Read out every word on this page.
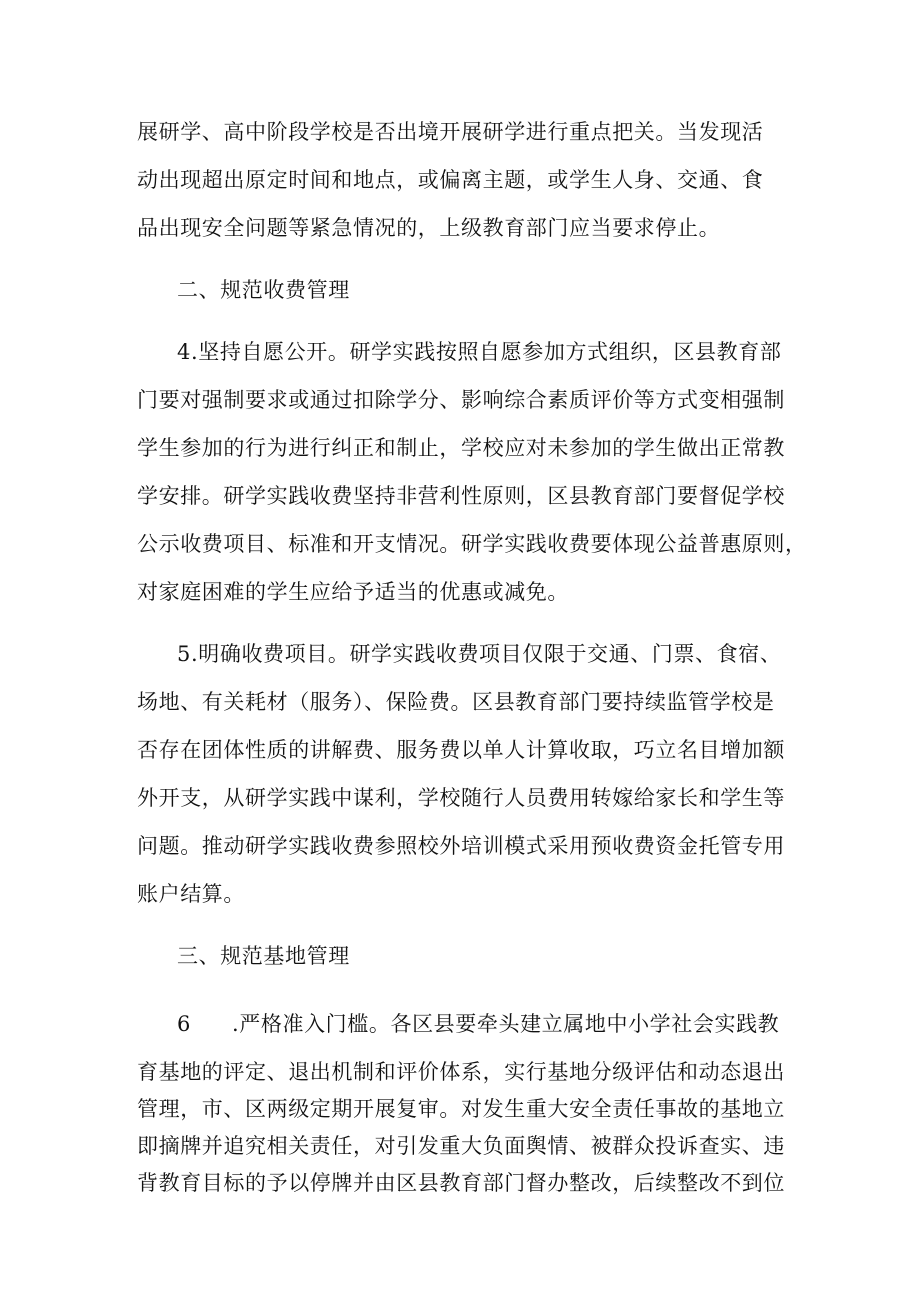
展研学、高中阶段学校是否出境开展研学进行重点把关。当发现活
动出现超出原定时间和地点，或偏离主题，或学生人身、交通、食
品出现安全问题等紧急情况的，上级教育部门应当要求停止。
二、规范收费管理
4.坚持自愿公开。研学实践按照自愿参加方式组织，区县教育部
门要对强制要求或通过扣除学分、影响综合素质评价等方式变相强制
学生参加的行为进行纠正和制止，学校应对未参加的学生做出正常教
学安排。研学实践收费坚持非营利性原则，区县教育部门要督促学校
公示收费项目、标准和开支情况。研学实践收费要体现公益普惠原则，
对家庭困难的学生应给予适当的优惠或减免。
5.明确收费项目。研学实践收费项目仅限于交通、门票、食宿、
场地、有关耗材（服务）、保险费。区县教育部门要持续监管学校是
否存在团体性质的讲解费、服务费以单人计算收取，巧立名目增加额
外开支，从研学实践中谋利，学校随行人员费用转嫁给家长和学生等
问题。推动研学实践收费参照校外培训模式采用预收费资金托管专用
账户结算。
三、规范基地管理
6 .严格准入门槛。各区县要牵头建立属地中小学社会实践教
育基地的评定、退出机制和评价体系，实行基地分级评估和动态退出
管理，市、区两级定期开展复审。对发生重大安全责任事故的基地立
即摘牌并追究相关责任，对引发重大负面舆情、被群众投诉查实、违
背教育目标的予以停牌并由区县教育部门督办整改，后续整改不到位
